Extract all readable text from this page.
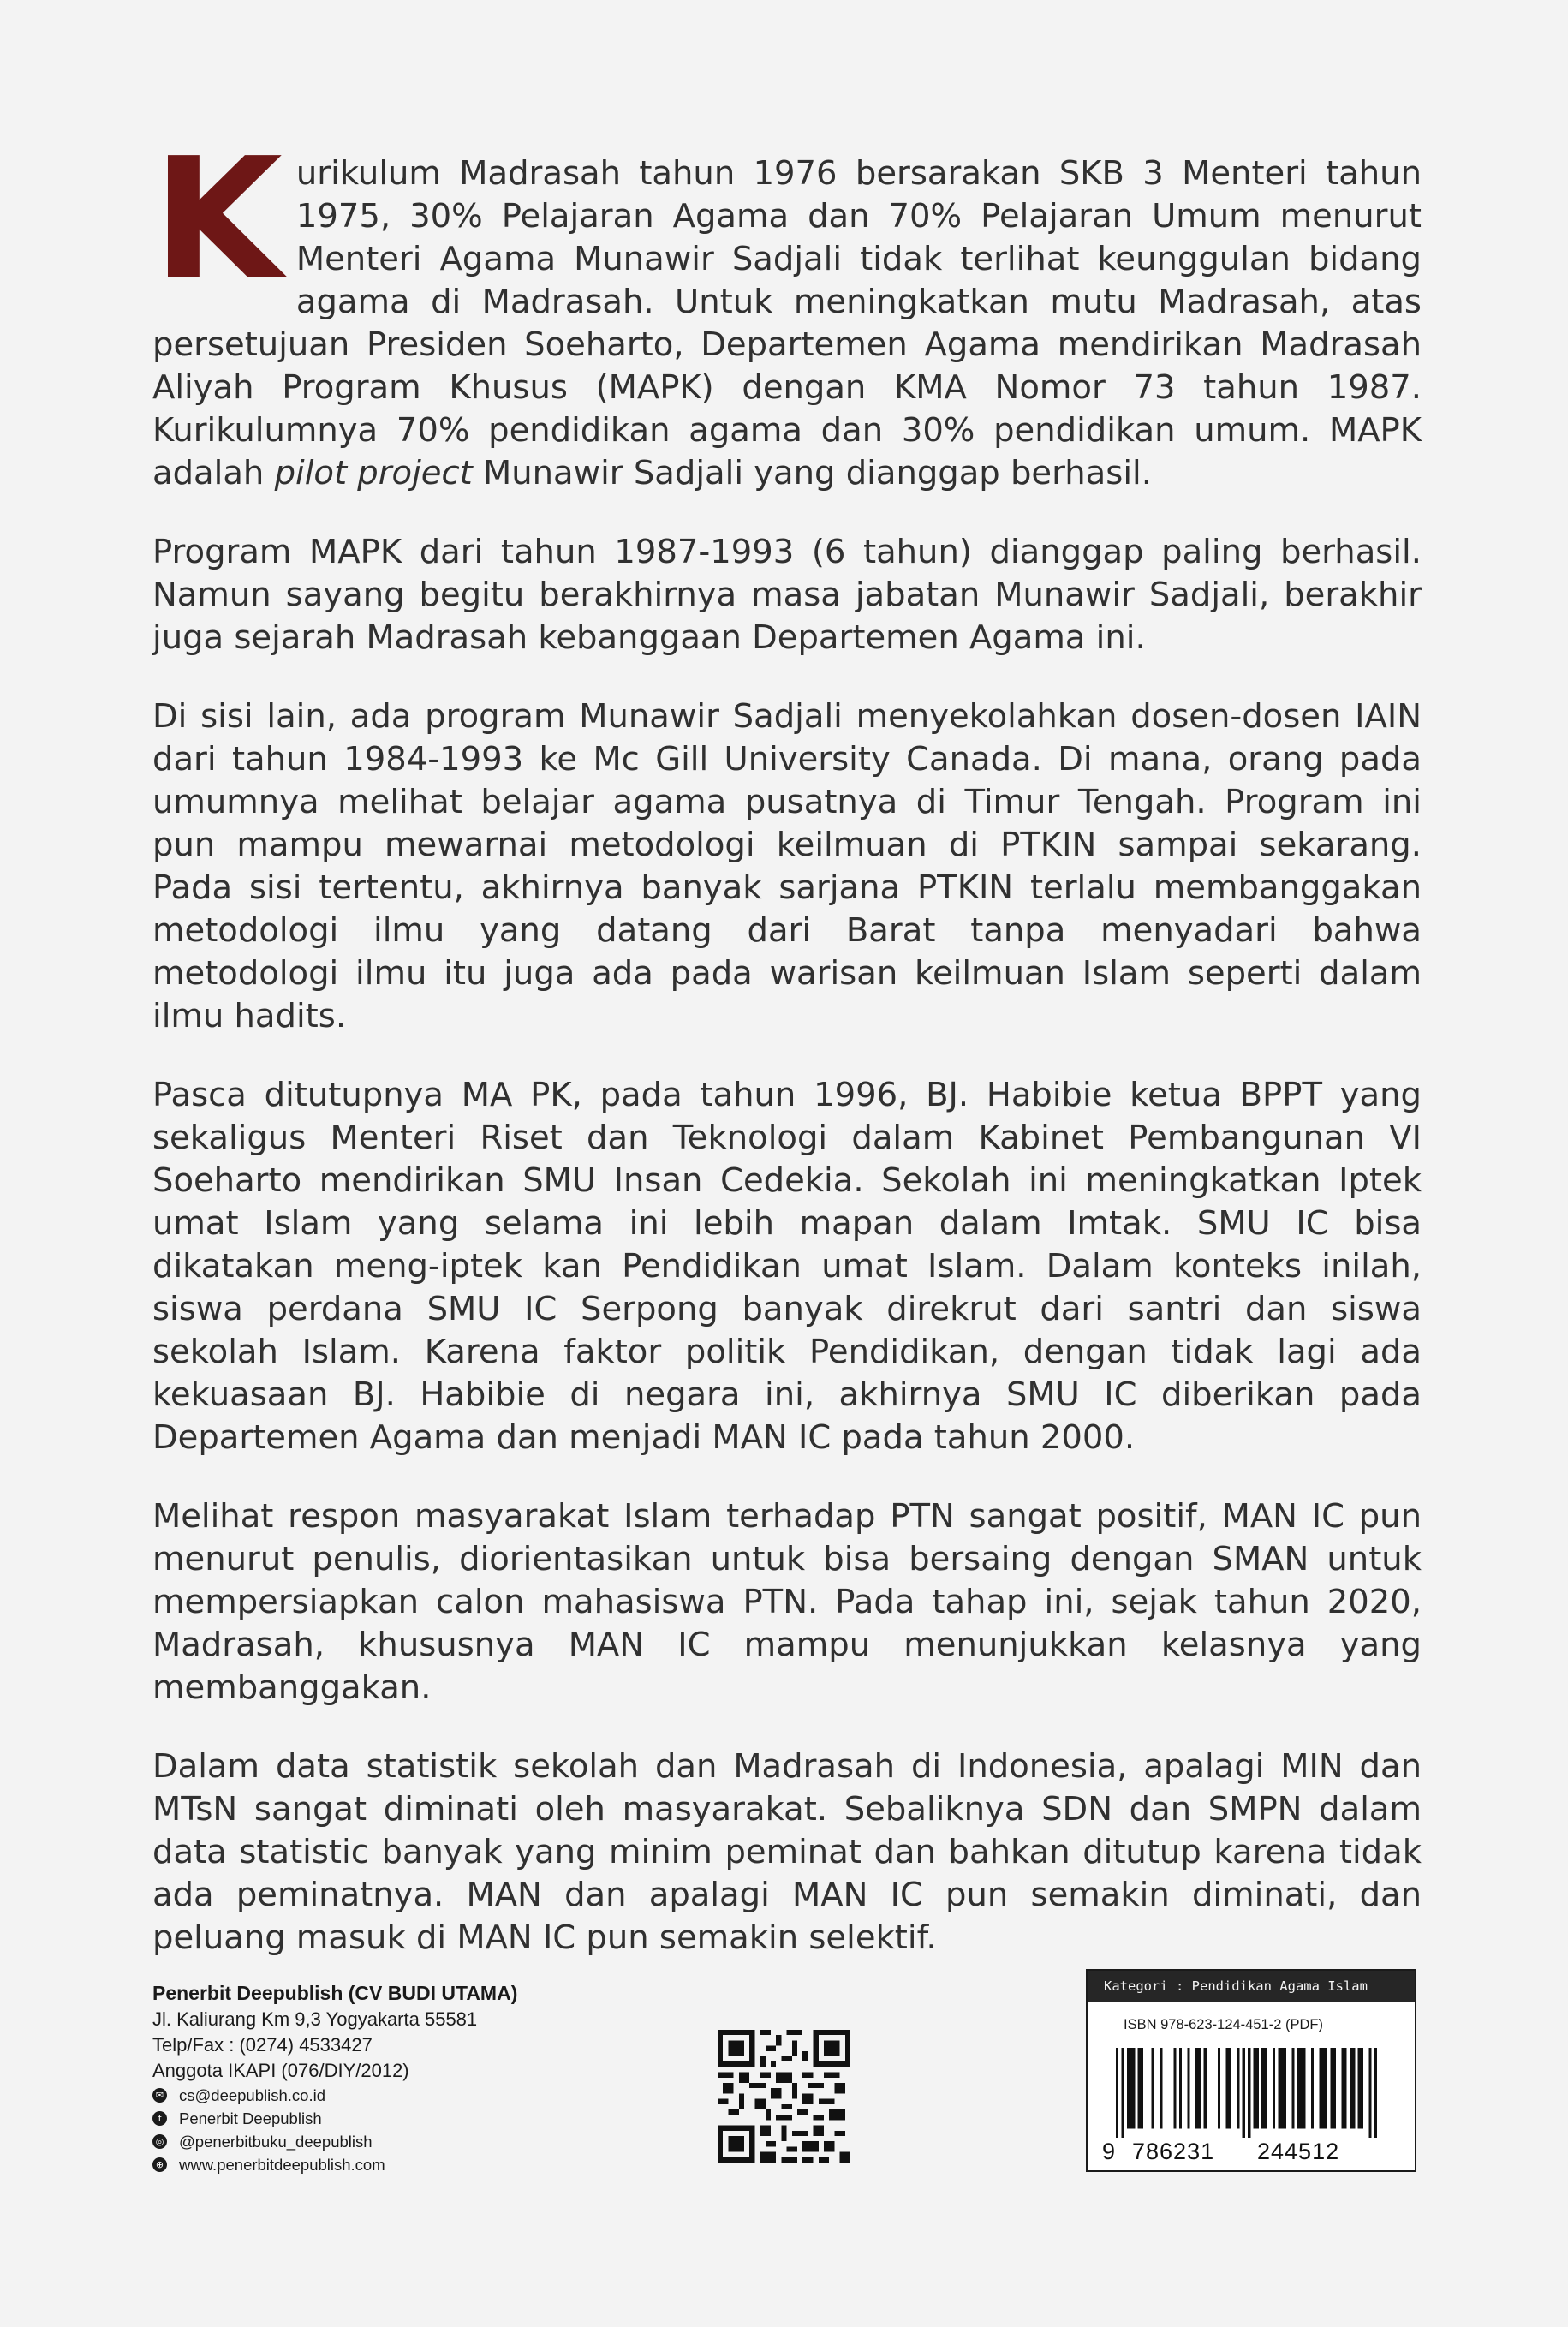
Kurikulum Madrasah tahun 1976 bersarakan SKB 3 Menteri tahun 1975, 30% Pelajaran Agama dan 70% Pelajaran Umum menurut Menteri Agama Munawir Sadjali tidak terlihat keunggulan bidang agama di Madrasah. Untuk meningkatkan mutu Madrasah, atas persetujuan Presiden Soeharto, Departemen Agama mendirikan Madrasah Aliyah Program Khusus (MAPK) dengan KMA Nomor 73 tahun 1987. Kurikulumnya 70% pendidikan agama dan 30% pendidikan umum. MAPK adalah pilot project Munawir Sadjali yang dianggap berhasil.

Program MAPK dari tahun 1987-1993 (6 tahun) dianggap paling berhasil. Namun sayang begitu berakhirnya masa jabatan Munawir Sadjali, berakhir juga sejarah Madrasah kebanggaan Departemen Agama ini.

Di sisi lain, ada program Munawir Sadjali menyekolahkan dosen-dosen IAIN dari tahun 1984-1993 ke Mc Gill University Canada. Di mana, orang pada umumnya melihat belajar agama pusatnya di Timur Tengah. Program ini pun mampu mewarnai metodologi keilmuan di PTKIN sampai sekarang. Pada sisi tertentu, akhirnya banyak sarjana PTKIN terlalu membanggakan metodologi ilmu yang datang dari Barat tanpa menyadari bahwa metodologi ilmu itu juga ada pada warisan keilmuan Islam seperti dalam ilmu hadits.

Pasca ditutupnya MA PK, pada tahun 1996, BJ. Habibie ketua BPPT yang sekaligus Menteri Riset dan Teknologi dalam Kabinet Pembangunan VI Soeharto mendirikan SMU Insan Cedekia. Sekolah ini meningkatkan Iptek umat Islam yang selama ini lebih mapan dalam Imtak. SMU IC bisa dikatakan meng-iptek kan Pendidikan umat Islam. Dalam konteks inilah, siswa perdana SMU IC Serpong banyak direkrut dari santri dan siswa sekolah Islam. Karena faktor politik Pendidikan, dengan tidak lagi ada kekuasaan BJ. Habibie di negara ini, akhirnya SMU IC diberikan pada Departemen Agama dan menjadi MAN IC pada tahun 2000.

Melihat respon masyarakat Islam terhadap PTN sangat positif, MAN IC pun menurut penulis, diorientasikan untuk bisa bersaing dengan SMAN untuk mempersiapkan calon mahasiswa PTN. Pada tahap ini, sejak tahun 2020, Madrasah, khususnya MAN IC mampu menunjukkan kelasnya yang membanggakan.

Dalam data statistik sekolah dan Madrasah di Indonesia, apalagi MIN dan MTsN sangat diminati oleh masyarakat. Sebaliknya SDN dan SMPN dalam data statistic banyak yang minim peminat dan bahkan ditutup karena tidak ada peminatnya. MAN dan apalagi MAN IC pun semakin diminati, dan peluang masuk di MAN IC pun semakin selektif.

Penerbit Deepublish (CV BUDI UTAMA)
Jl. Kaliurang Km 9,3 Yogyakarta 55581
Telp/Fax : (0274) 4533427
Anggota IKAPI (076/DIY/2012)
✉ cs@deepublish.co.id
f	Penerbit Deepublish
◎ @penerbitbuku_deepublish
⊕ www.penerbitdeepublish.com
Kategori : Pendidikan Agama Islam
ISBN 978-623-124-451-2 (PDF)
9 786231 244512
